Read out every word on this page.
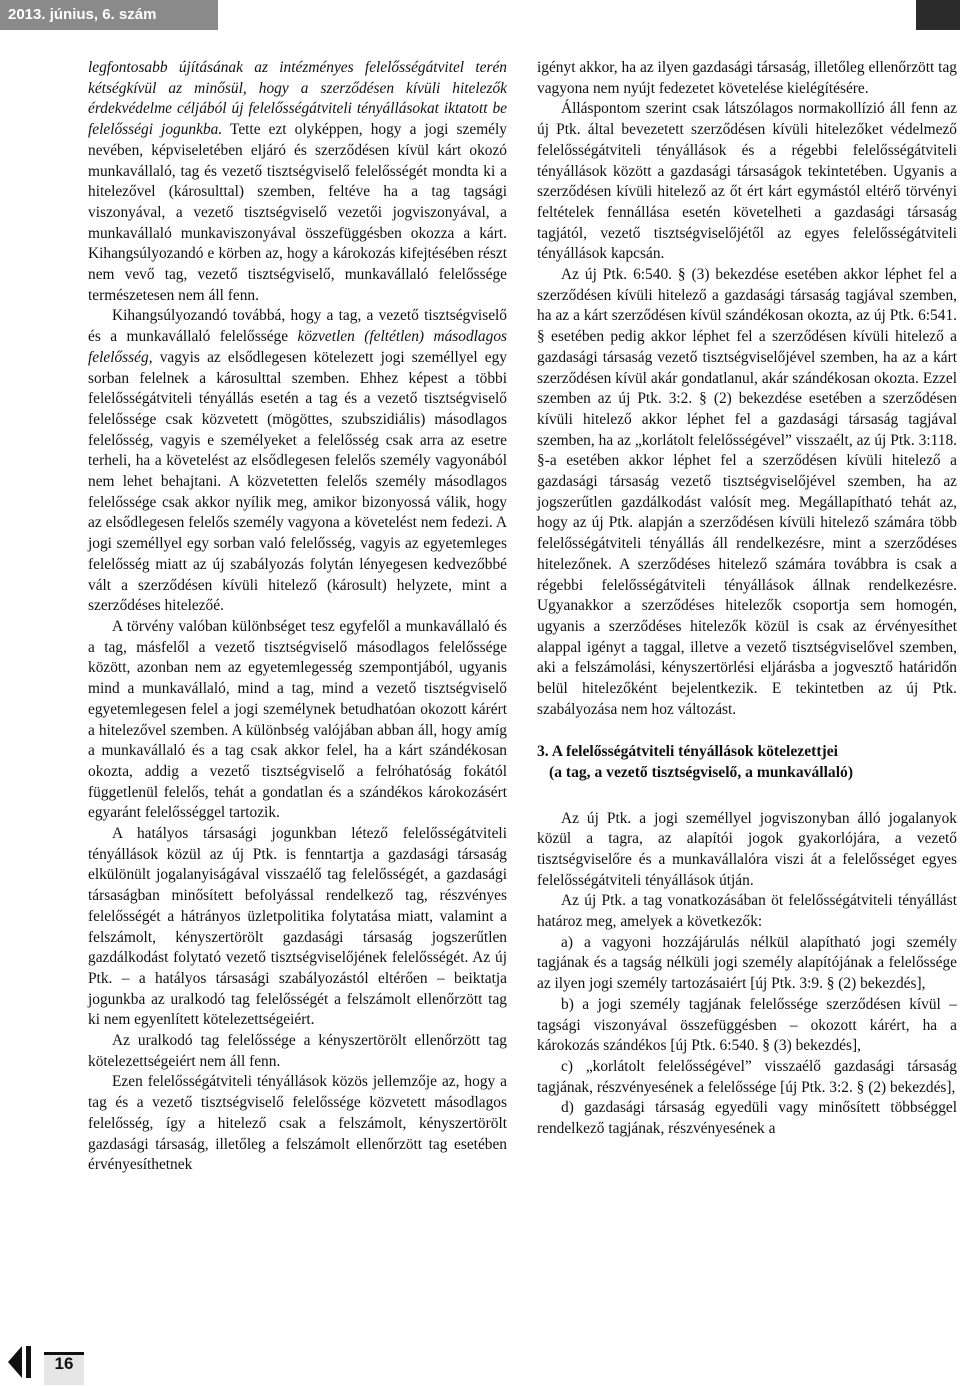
2013. június, 6. szám

legfontosabb újításának az intézményes felelősségátvitel terén kétségkívül az minősül, hogy a szerződésen kívüli hitelezők érdekvédelme céljából új felelősségátviteli tényállásokat iktatott be felelősségi jogunkba. Tette ezt olyképpen, hogy a jogi személy nevében, képviseletében eljáró és szerződésen kívül kárt okozó munkavállaló, tag és vezető tisztségviselő felelősségét mondta ki a hitelezővel (károsulttal) szemben, feltéve ha a tag tagsági viszonyával, a vezető tisztségviselő vezetői jogviszonyával, a munkavállaló munkaviszonyával összefüggésben okozza a kárt. Kihangsúlyozandó e körben az, hogy a károkozás kifejtésében részt nem vevő tag, vezető tisztségviselő, munkavállaló felelőssége természetesen nem áll fenn.

Kihangsúlyozandó továbbá, hogy a tag, a vezető tisztségviselő és a munkavállaló felelőssége közvetlen (feltétlen) másodlagos felelősség, vagyis az elsődlegesen kötelezett jogi személlyel egy sorban felelnek a károsulttal szemben. Ehhez képest a többi felelősségátviteli tényállás esetén a tag és a vezető tisztségviselő felelőssége csak közvetett (mögöttes, szubszidiális) másodlagos felelősség, vagyis e személyeket a felelősség csak arra az esetre terheli, ha a követelést az elsődlegesen felelős személy vagyonából nem lehet behajtani. A közvetetten felelős személy másodlagos felelőssége csak akkor nyílik meg, amikor bizonyossá válik, hogy az elsődlegesen felelős személy vagyona a követelést nem fedezi. A jogi személlyel egy sorban való felelősség, vagyis az egyetemleges felelősség miatt az új szabályozás folytán lényegesen kedvezőbbé vált a szerződésen kívüli hitelező (károsult) helyzete, mint a szerződéses hitelezőé.

A törvény valóban különbséget tesz egyfelől a munkavállaló és a tag, másfelől a vezető tisztségviselő másodlagos felelőssége között, azonban nem az egyetemlegesség szempontjából, ugyanis mind a munkavállaló, mind a tag, mind a vezető tisztségviselő egyetemlegesen felel a jogi személynek betudhatóan okozott kárért a hitelezővel szemben. A különbség valójában abban áll, hogy amíg a munkavállaló és a tag csak akkor felel, ha a kárt szándékosan okozta, addig a vezető tisztségviselő a felróhatóság fokától függetlenül felelős, tehát a gondatlan és a szándékos károkozásért egyaránt felelősséggel tartozik.

A hatályos társasági jogunkban létező felelősségátviteli tényállások közül az új Ptk. is fenntartja a gazdasági társaság elkülönült jogalanyiságával visszaélő tag felelősségét, a gazdasági társaságban minősített befolyással rendelkező tag, részvényes felelősségét a hátrányos üzletpolitika folytatása miatt, valamint a felszámolt, kényszertörölt gazdasági társaság jogszerűtlen gazdálkodást folytató vezető tisztségviselőjének felelősségét. Az új Ptk. – a hatályos társasági szabályozástól eltérően – beiktatja jogunkba az uralkodó tag felelősségét a felszámolt ellenőrzött tag ki nem egyenlített kötelezettségeiért.

Az uralkodó tag felelőssége a kényszertörölt ellenőrzött tag kötelezettségeiért nem áll fenn.

Ezen felelősségátviteli tényállások közös jellemzője az, hogy a tag és a vezető tisztségviselő felelőssége közvetett másodlagos felelősség, így a hitelező csak a felszámolt, kényszertörölt gazdasági társaság, illetőleg a felszámolt ellenőrzött tag esetében érvényesíthetnek

igényt akkor, ha az ilyen gazdasági társaság, illetőleg ellenőrzött tag vagyona nem nyújt fedezetet követelése kielégítésére.

Álláspontom szerint csak látszólagos normakollízió áll fenn az új Ptk. által bevezetett szerződésen kívüli hitelezőket védelmező felelősségátviteli tényállások és a régebbi felelősségátviteli tényállások között a gazdasági társaságok tekintetében. Ugyanis a szerződésen kívüli hitelező az őt ért kárt egymástól eltérő törvényi feltételek fennállása esetén követelheti a gazdasági társaság tagjától, vezető tisztségviselőjétől az egyes felelősségátviteli tényállások kapcsán.

Az új Ptk. 6:540. § (3) bekezdése esetében akkor léphet fel a szerződésen kívüli hitelező a gazdasági társaság tagjával szemben, ha az a kárt szerződésen kívül szándékosan okozta, az új Ptk. 6:541. § esetében pedig akkor léphet fel a szerződésen kívüli hitelező a gazdasági társaság vezető tisztségviselőjével szemben, ha az a kárt szerződésen kívül akár gondatlanul, akár szándékosan okozta. Ezzel szemben az új Ptk. 3:2. § (2) bekezdése esetében a szerződésen kívüli hitelező akkor léphet fel a gazdasági társaság tagjával szemben, ha az „korlátolt felelősségével” visszaélt, az új Ptk. 3:118. §-a esetében akkor léphet fel a szerződésen kívüli hitelező a gazdasági társaság vezető tisztségviselőjével szemben, ha az jogszerűtlen gazdálkodást valósít meg. Megállapítható tehát az, hogy az új Ptk. alapján a szerződésen kívüli hitelező számára több felelősségátviteli tényállás áll rendelkezésre, mint a szerződéses hitelezőnek. A szerződéses hitelező számára továbbra is csak a régebbi felelősségátviteli tényállások állnak rendelkezésre. Ugyanakkor a szerződéses hitelezők csoportja sem homogén, ugyanis a szerződéses hitelezők közül is csak az érvényesíthet alappal igényt a taggal, illetve a vezető tisztségviselővel szemben, aki a felszámolási, kényszertörlési eljárásba a jogvesztő határidőn belül hitelezőként bejelentkezik. E tekintetben az új Ptk. szabályozása nem hoz változást.

3. A felelősségátviteli tényállások kötelezettjei
(a tag, a vezető tisztségviselő, a munkavállaló)

Az új Ptk. a jogi személlyel jogviszonyban álló jogalanyok közül a tagra, az alapítói jogok gyakorlójára, a vezető tisztségviselőre és a munkavállalóra viszi át a felelősséget egyes felelősségátviteli tényállások útján.

Az új Ptk. a tag vonatkozásában öt felelősségátviteli tényállást határoz meg, amelyek a következők:

a) a vagyoni hozzájárulás nélkül alapítható jogi személy tagjának és a tagság nélküli jogi személy alapítójának a felelőssége az ilyen jogi személy tartozásaiért [új Ptk. 3:9. § (2) bekezdés],

b) a jogi személy tagjának felelőssége szerződésen kívül – tagsági viszonyával összefüggésben – okozott kárért, ha a károkozás szándékos [új Ptk. 6:540. § (3) bekezdés],

c) „korlátolt felelősségével” visszaélő gazdasági társaság tagjának, részvényesének a felelőssége [új Ptk. 3:2. § (2) bekezdés],

d) gazdasági társaság egyedüli vagy minősített többséggel rendelkező tagjának, részvényesének a

16
